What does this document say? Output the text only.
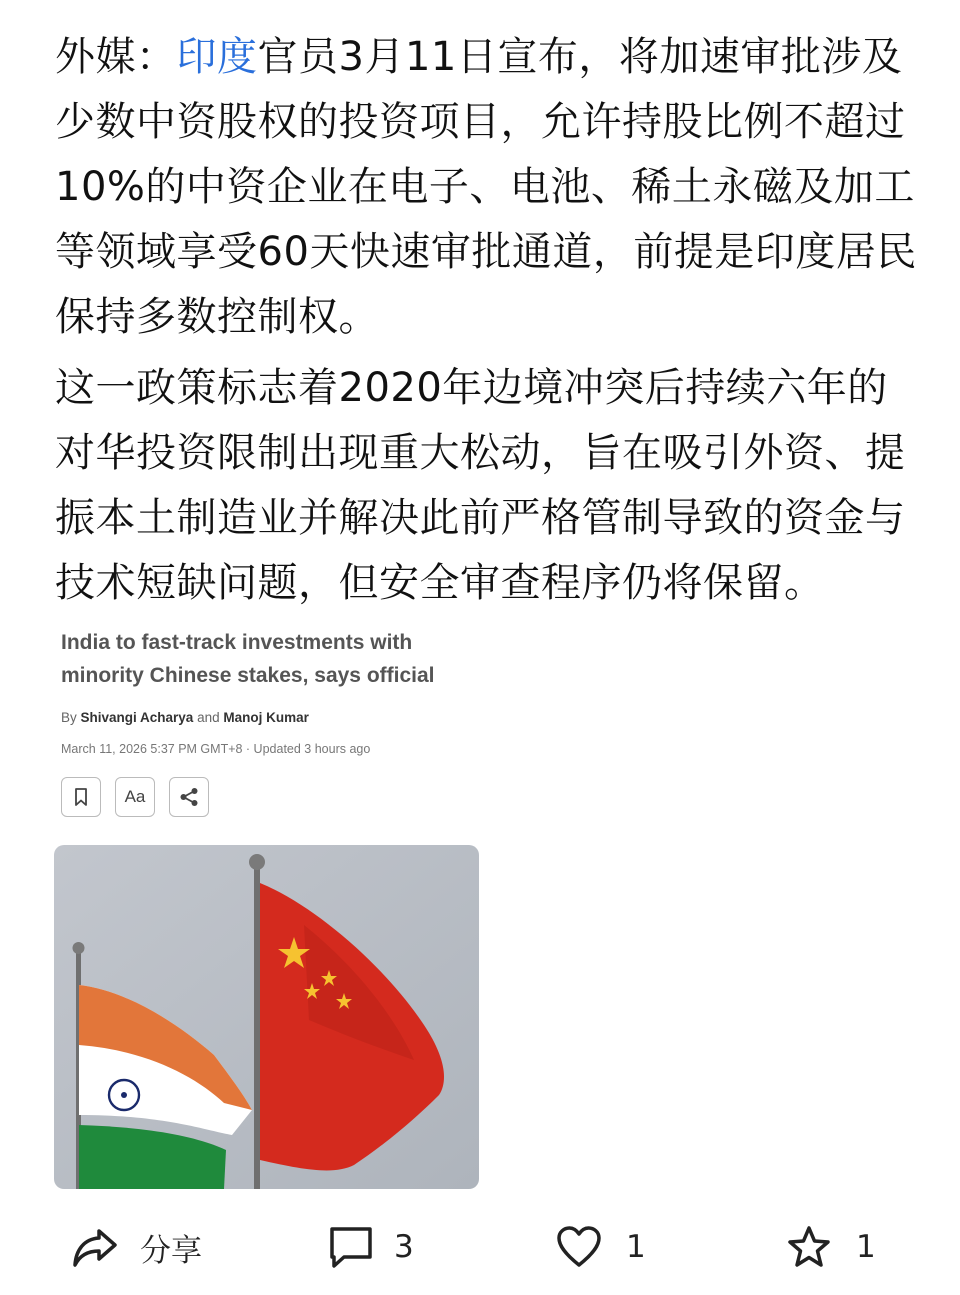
外媒：印度官员3月11日宣布，将加速审批涉及少数中资股权的投资项目，允许持股比例不超过10%的中资企业在电子、电池、稀土永磁及加工等领域享受60天快速审批通道，前提是印度居民保持多数控制权。

这一政策标志着2020年边境冲突后持续六年的对华投资限制出现重大松动，旨在吸引外资、提振本土制造业并解决此前严格管制导致的资金与技术短缺问题，但安全审查程序仍将保留。

India to fast-track investments with minority Chinese stakes, says official
By Shivangi Acharya and Manoj Kumar
March 11, 2026 5:37 PM GMT+8 · Updated 3 hours ago
Aa
分享	3	1	1
